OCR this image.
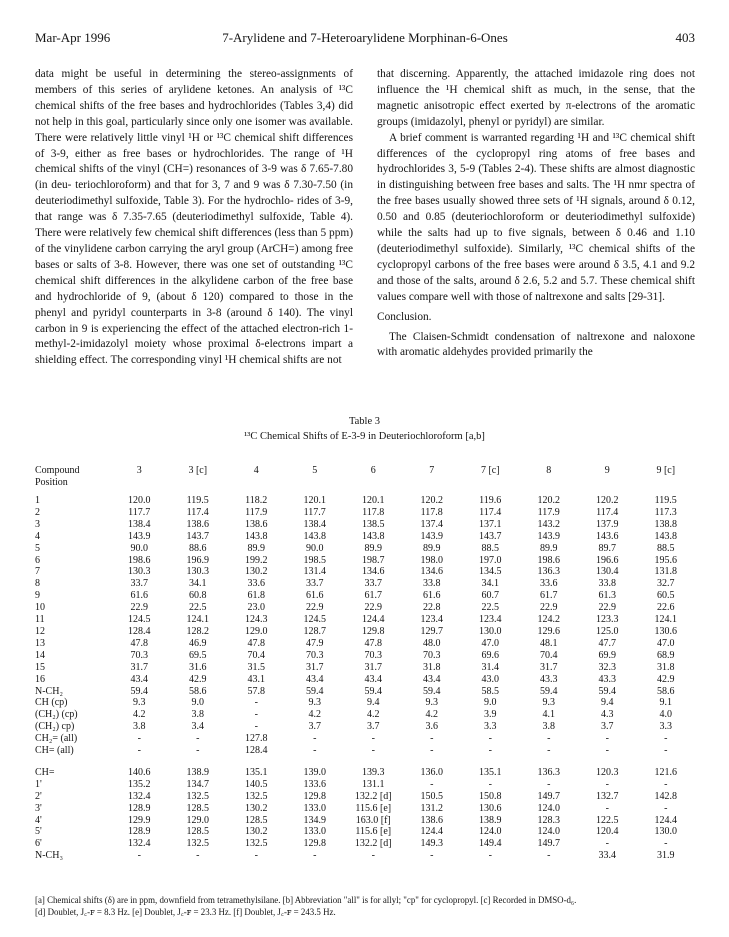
Mar-Apr 1996	7-Arylidene and 7-Heteroarylidene Morphinan-6-Ones	403

data might be useful in determining the stereo-assignments of members of this series of arylidene ketones. An analysis of ¹³C chemical shifts of the free bases and hydrochlorides (Tables 3,4) did not help in this goal, particularly since only one isomer was available. There were relatively little vinyl ¹H or ¹³C chemical shift differences of 3-9, either as free bases or hydrochlorides. The range of ¹H chemical shifts of the vinyl (CH=) resonances of 3-9 was δ 7.65-7.80 (in deu- teriochloroform) and that for 3, 7 and 9 was δ 7.30-7.50 (in deuteriodimethyl sulfoxide, Table 3). For the hydrochlo- rides of 3-9, that range was δ 7.35-7.65 (deuteriodimethyl sulfoxide, Table 4). There were relatively few chemical shift differences (less than 5 ppm) of the vinylidene carbon carrying the aryl group (ArCH=) among free bases or salts of 3-8. However, there was one set of outstanding ¹³C chemical shift differences in the alkylidene carbon of the free base and hydrochloride of 9, (about δ 120) compared to those in the phenyl and pyridyl counterparts in 3-8 (around δ 140). The vinyl carbon in 9 is experiencing the effect of the attached electron-rich 1-methyl-2-imidazolyl moiety whose proximal δ-electrons impart a shielding effect. The corresponding vinyl ¹H chemical shifts are not

that discerning. Apparently, the attached imidazole ring does not influence the ¹H chemical shift as much, in the sense, that the magnetic anisotropic effect exerted by π-electrons of the aromatic groups (imidazolyl, phenyl or pyridyl) are similar.

A brief comment is warranted regarding ¹H and ¹³C chemical shift differences of the cyclopropyl ring atoms of free bases and hydrochlorides 3, 5-9 (Tables 2-4). These shifts are almost diagnostic in distinguishing between free bases and salts. The ¹H nmr spectra of the free bases usually showed three sets of ¹H signals, around δ 0.12, 0.50 and 0.85 (deuteriochloroform or deuteriodimethyl sulfoxide) while the salts had up to five signals, between δ 0.46 and 1.10 (deuteriodimethyl sulfoxide). Similarly, ¹³C chemical shifts of the cyclopropyl carbons of the free bases were around δ 3.5, 4.1 and 9.2 and those of the salts, around δ 2.6, 5.2 and 5.7. These chemical shift values compare well with those of naltrexone and salts [29-31].

Conclusion.

The Claisen-Schmidt condensation of naltrexone and naloxone with aromatic aldehydes provided primarily the

Table 3
¹³C Chemical Shifts of E-3-9 in Deuteriochloroform [a,b]
Compound
Position	3	3 [c]	4	5	6	7	7 [c]	8	9	9 [c]
1	120.0	119.5	118.2	120.1	120.1	120.2	119.6	120.2	120.2	119.5
2	117.7	117.4	117.9	117.7	117.8	117.8	117.4	117.9	117.4	117.3
3	138.4	138.6	138.6	138.4	138.5	137.4	137.1	143.2	137.9	138.8
4	143.9	143.7	143.8	143.8	143.8	143.9	143.7	143.9	143.6	143.8
5	90.0	88.6	89.9	90.0	89.9	89.9	88.5	89.9	89.7	88.5
6	198.6	196.9	199.2	198.5	198.7	198.0	197.0	198.6	196.6	195.6
7	130.3	130.3	130.2	131.4	134.6	134.6	134.5	136.3	130.4	131.8
8	33.7	34.1	33.6	33.7	33.7	33.8	34.1	33.6	33.8	32.7
9	61.6	60.8	61.8	61.6	61.7	61.6	60.7	61.7	61.3	60.5
10	22.9	22.5	23.0	22.9	22.9	22.8	22.5	22.9	22.9	22.6
11	124.5	124.1	124.3	124.5	124.4	123.4	123.4	124.2	123.3	124.1
12	128.4	128.2	129.0	128.7	129.8	129.7	130.0	129.6	125.0	130.6
13	47.8	46.9	47.8	47.9	47.8	48.0	47.0	48.1	47.7	47.0
14	70.3	69.5	70.4	70.3	70.3	70.3	69.6	70.4	69.9	68.9
15	31.7	31.6	31.5	31.7	31.7	31.8	31.4	31.7	32.3	31.8
16	43.4	42.9	43.1	43.4	43.4	43.4	43.0	43.3	43.3	42.9
N-CH₂	59.4	58.6	57.8	59.4	59.4	59.4	58.5	59.4	59.4	58.6
CH (cp)	9.3	9.0	-	9.3	9.4	9.3	9.0	9.3	9.4	9.1
(CH₂) (cp)	4.2	3.8	-	4.2	4.2	4.2	3.9	4.1	4.3	4.0
(CH₂) cp)	3.8	3.4	-	3.7	3.7	3.6	3.3	3.8	3.7	3.3
CH₂= (all)	-	-	127.8	-	-	-	-	-	-	-
CH= (all)	-	-	128.4	-	-	-	-	-	-	-

CH=	140.6	138.9	135.1	139.0	139.3	136.0	135.1	136.3	120.3	121.6
1'	135.2	134.7	140.5	133.6	131.1	-	-	-	-	-
2'	132.4	132.5	132.5	129.8	132.2 [d]	150.5	150.8	149.7	132.7	142.8
3'	128.9	128.5	130.2	133.0	115.6 [e]	131.2	130.6	124.0	-	-
4'	129.9	129.0	128.5	134.9	163.0 [f]	138.6	138.9	128.3	122.5	124.4
5'	128.9	128.5	130.2	133.0	115.6 [e]	124.4	124.0	124.0	120.4	130.0
6'	132.4	132.5	132.5	129.8	132.2 [d]	149.3	149.4	149.7	-	-
N-CH₃	-	-	-	-	-	-	-	-	33.4	31.9

[a] Chemical shifts (δ) are in ppm, downfield from tetramethylsilane. [b] Abbreviation "all" is for allyl; "cp" for cyclopropyl. [c] Recorded in DMSO-d₆.

[d] Doublet, J꜀-ꜰ = 8.3 Hz. [e] Doublet, J꜀-ꜰ = 23.3 Hz. [f] Doublet, J꜀-ꜰ = 243.5 Hz.
